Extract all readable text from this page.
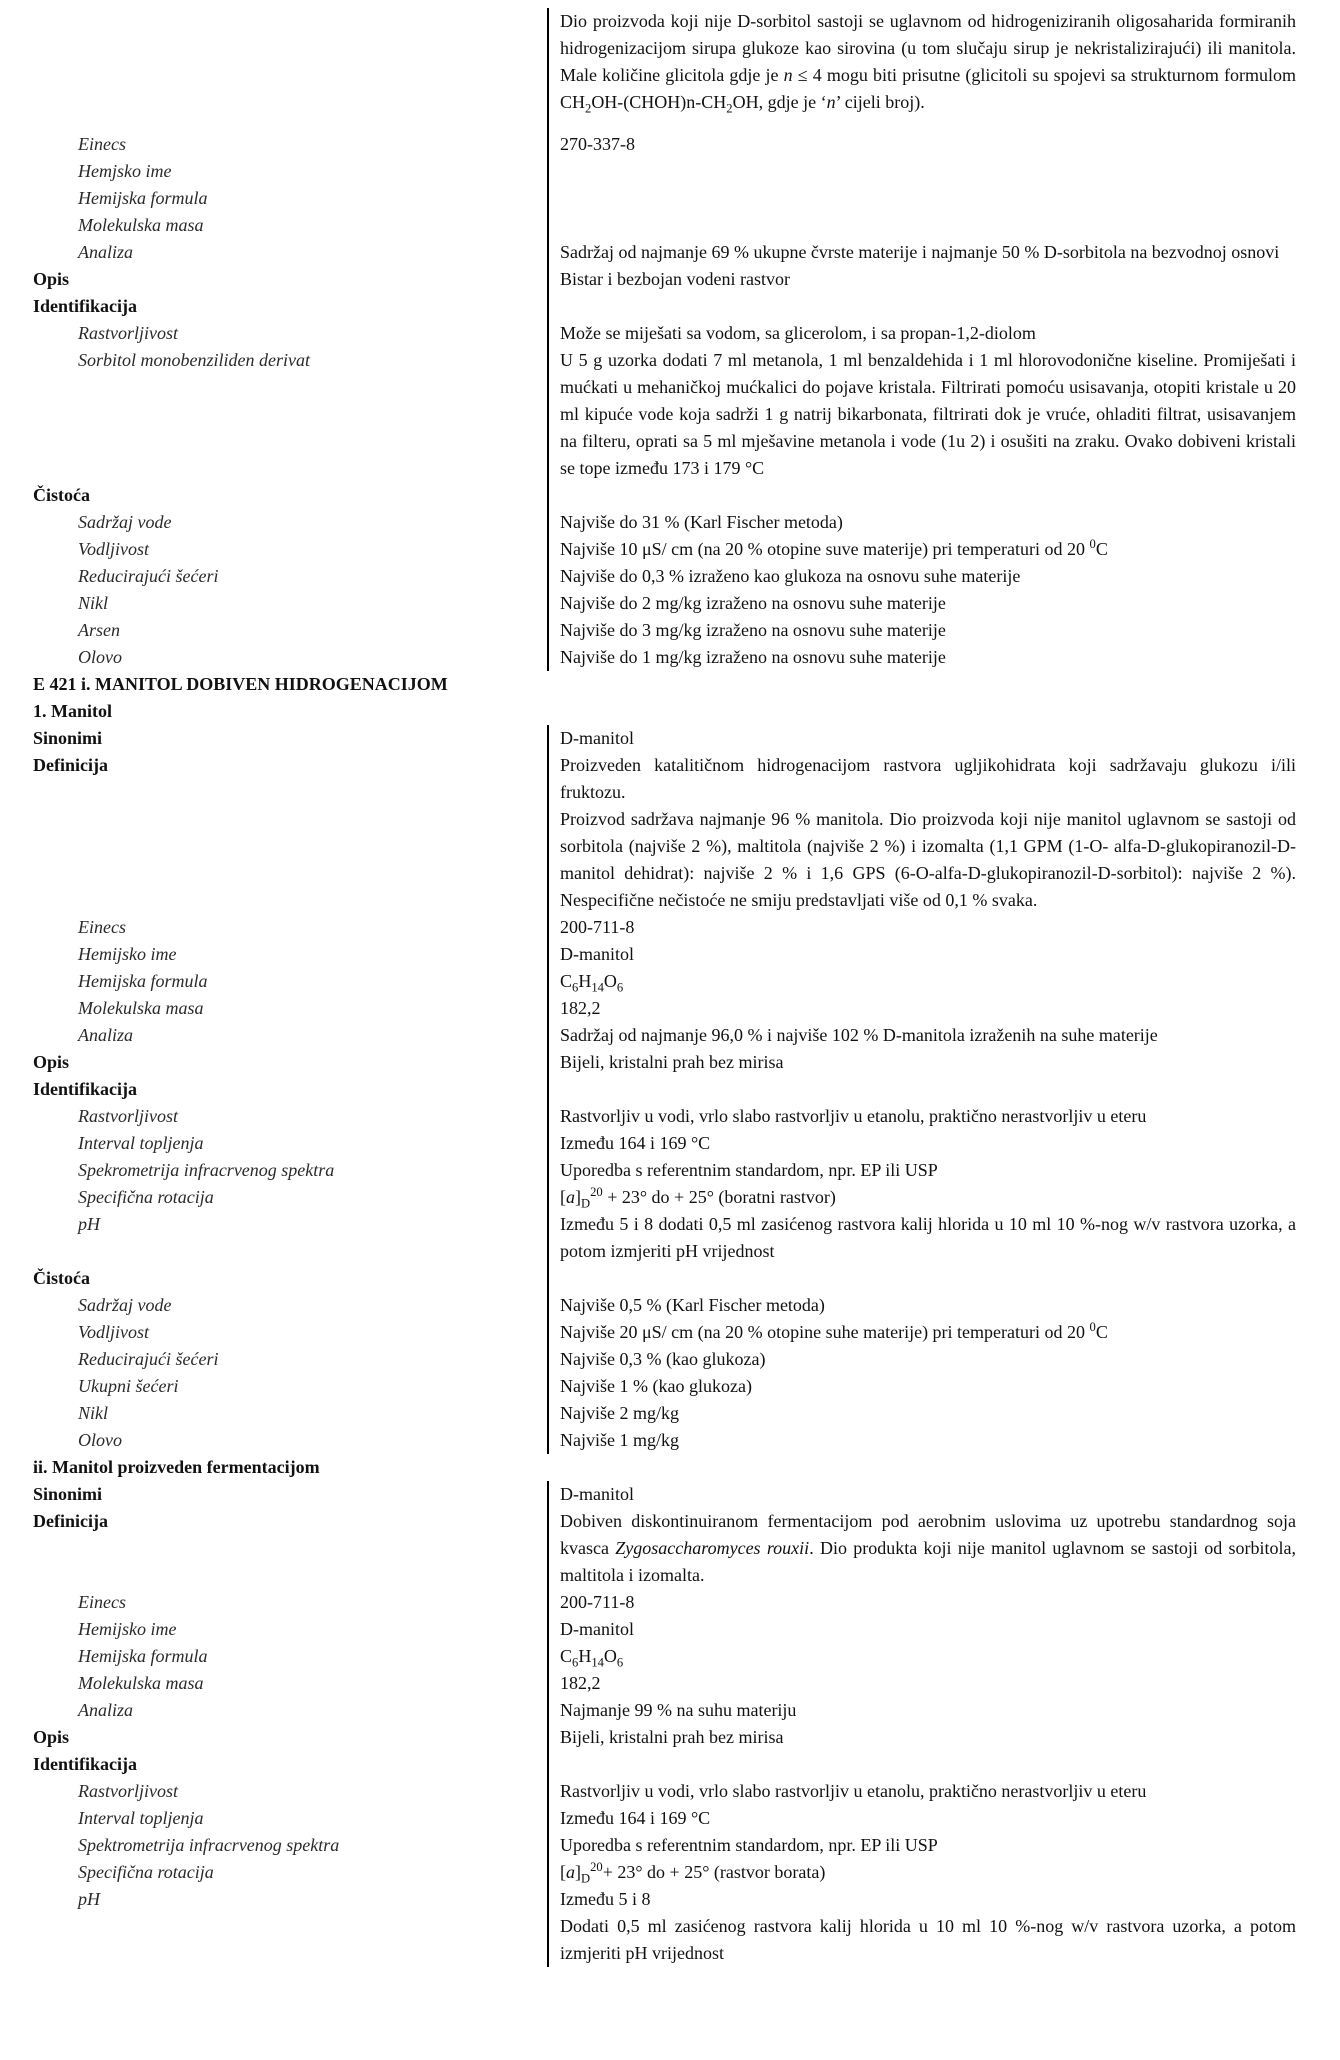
Dio proizvoda koji nije D-sorbitol sastoji se uglavnom od hidrogeniziranih oligosaharida formiranih hidrogenizacijom sirupa glukoze kao sirovina (u tom slučaju sirup je nekristalizirajući) ili manitola. Male količine glicitola gdje je n ≤ 4 mogu biti prisutne (glicitoli su spojevi sa strukturnom formulom $CH_2OH-(CHOH)n-CH_2OH$, gdje je ‘n’ cijeli broj).
Einecs	270-337-8
Hemjsko ime

Hemijska formula

Molekulska masa

Analiza	Sadržaj od najmanje 69 % ukupne čvrste materije i najmanje 50 % D-sorbitola na bezvodnoj osnovi
Opis	Bistar i bezbojan vodeni rastvor
Identifikacija

Rastvorljivost	Može se miješati sa vodom, sa glicerolom, i sa propan-1,2-diolom
Sorbitol monobenziliden derivat	U 5 g uzorka dodati 7 ml metanola, 1 ml benzaldehida i 1 ml hlorovodonične kiseline. Promiješati i mućkati u mehaničkoj mućkalici do pojave kristala. Filtrirati pomoću usisavanja, otopiti kristale u 20 ml kipuće vode koja sadrži 1 g natrij bikarbonata, filtrirati dok je vruće, ohladiti filtrat, usisavanjem na filteru, oprati sa 5 ml mješavine metanola i vode (1u 2) i osušiti na zraku. Ovako dobiveni kristali se tope između 173 i 179 °C
Čistoća

Sadržaj vode	Najviše do 31 % (Karl Fischer metoda)
Vodljivost	Najviše 10 μS/ cm (na 20 % otopine suve materije) pri temperaturi od 20 $^0$C
Reducirajući šećeri	Najviše do 0,3 % izraženo kao glukoza na osnovu suhe materije
Nikl	Najviše do 2 mg/kg izraženo na osnovu suhe materije
Arsen	Najviše do 3 mg/kg izraženo na osnovu suhe materije
Olovo	Najviše do 1 mg/kg izraženo na osnovu suhe materije
E 421 i. MANITOL DOBIVEN HIDROGENACIJOM
1. Manitol
Sinonimi	D-manitol
Definicija	Proizveden katalitičnom hidrogenacijom rastvora ugljikohidrata koji sadržavaju glukozu i/ili fruktozu.
Proizvod sadržava najmanje 96 % manitola. Dio proizvoda koji nije manitol uglavnom se sastoji od sorbitola (najviše 2 %), maltitola (najviše 2 %) i izomalta (1,1 GPM (1-O- alfa-D-glukopiranozil-D-manitol dehidrat): najviše 2 % i 1,6 GPS (6-O-alfa-D-glukopiranozil-D-sorbitol): najviše 2 %). Nespecifične nečistoće ne smiju predstavljati više od 0,1 % svaka.
Einecs	200-711-8
Hemijsko ime	D-manitol
Hemijska formula	$C_6H_{14}O_6$
Molekulska masa	182,2
Analiza	Sadržaj od najmanje 96,0 % i najviše 102 % D-manitola izraženih na suhe materije
Opis	Bijeli, kristalni prah bez mirisa
Identifikacija

Rastvorljivost	Rastvorljiv u vodi, vrlo slabo rastvorljiv u etanolu, praktično nerastvorljiv u eteru
Interval topljenja	Između 164 i 169 °C
Spekrometrija infracrvenog spektra	Uporedba s referentnim standardom, npr. EP ili USP
Specifična rotacija	$[a]_D^{20} + 23^\circ$ do + 25° (boratni rastvor)
pH	Između 5 i 8 dodati 0,5 ml zasićenog rastvora kalij hlorida u 10 ml 10 %-nog w/v rastvora uzorka, a potom izmjeriti pH vrijednost
Čistoća

Sadržaj vode	Najviše 0,5 % (Karl Fischer metoda)
Vodljivost	Najviše 20 μS/ cm (na 20 % otopine suhe materije) pri temperaturi od 20 $^0$C
Reducirajući šećeri	Najviše 0,3 % (kao glukoza)
Ukupni šećeri	Najviše 1 % (kao glukoza)
Nikl	Najviše 2 mg/kg
Olovo	Najviše 1 mg/kg
ii. Manitol proizveden fermentacijom
Sinonimi	D-manitol
Definicija	Dobiven diskontinuiranom fermentacijom pod aerobnim uslovima uz upotrebu standardnog soja kvasca Zygosaccharomyces rouxii. Dio produkta koji nije manitol uglavnom se sastoji od sorbitola, maltitola i izomalta.
Einecs	200-711-8
Hemijsko ime	D-manitol
Hemijska formula	$C_6H_{14}O_6$
Molekulska masa	182,2
Analiza	Najmanje 99 % na suhu materiju
Opis	Bijeli, kristalni prah bez mirisa
Identifikacija

Rastvorljivost	Rastvorljiv u vodi, vrlo slabo rastvorljiv u etanolu, praktično nerastvorljiv u eteru
Interval topljenja	Između 164 i 169 °C
Spektrometrija infracrvenog spektra	Uporedba s referentnim standardom, npr. EP ili USP
Specifična rotacija	$[a]_D^{20}+ 23^\circ$ do + 25° (rastvor borata)
pH	Između 5 i 8
Dodati 0,5 ml zasićenog rastvora kalij hlorida u 10 ml 10 %-nog w/v rastvora uzorka, a potom izmjeriti pH vrijednost
